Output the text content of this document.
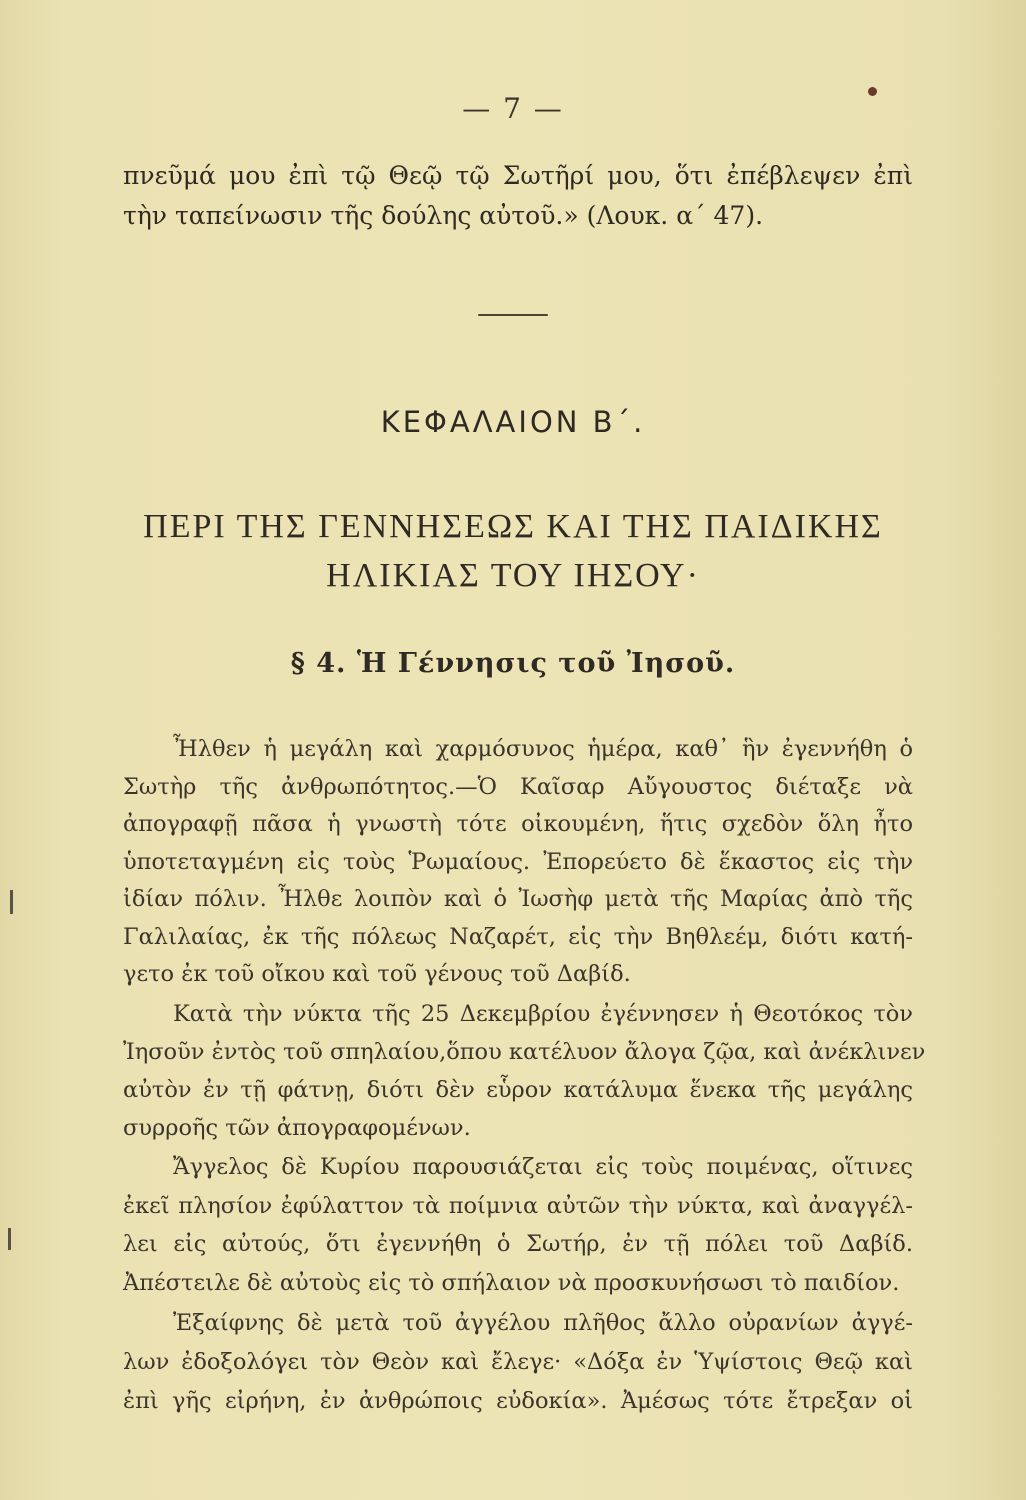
— 7 —
πνεῦμά μου ἐπὶ τῷ Θεῷ τῷ Σωτῆρί μου, ὅτι ἐπέβλεψεν ἐπὶ
τὴν ταπείνωσιν τῆς δούλης αὐτοῦ.» (Λουκ. α΄ 47).
ΚΕΦΑΛΑΙΟΝ Β΄.
ΠΕΡΙ ΤΗΣ ΓΕΝΝΗΣΕΩΣ ΚΑΙ ΤΗΣ ΠΑΙΔΙΚΗΣ
ΗΛΙΚΙΑΣ ΤΟΥ ΙΗΣΟΥ·
§ 4. Ἡ Γέννησις τοῦ Ἰησοῦ.
Ἦλθεν ἡ μεγάλη καὶ χαρμόσυνος ἡμέρα, καθ᾽ ἣν ἐγεννήθη ὁ
Σωτὴρ τῆς ἀνθρωπότητος.—Ὁ Καῖσαρ Αὔγουστος διέταξε νὰ
ἀπογραφῇ πᾶσα ἡ γνωστὴ τότε οἰκουμένη, ἥτις σχεδὸν ὅλη ἦτο
ὑποτεταγμένη εἰς τοὺς Ῥωμαίους. Ἐπορεύετο δὲ ἕκαστος εἰς τὴν
ἰδίαν πόλιν. Ἦλθε λοιπὸν καὶ ὁ Ἰωσὴφ μετὰ τῆς Μαρίας ἀπὸ τῆς
Γαλιλαίας, ἐκ τῆς πόλεως Ναζαρέτ, εἰς τὴν Βηθλεέμ, διότι κατή-
γετο ἐκ τοῦ οἴκου καὶ τοῦ γένους τοῦ Δαβίδ.
Κατὰ τὴν νύκτα τῆς 25 Δεκεμβρίου ἐγέννησεν ἡ Θεοτόκος τὸν
Ἰησοῦν ἐντὸς τοῦ σπηλαίου,ὅπου κατέλυον ἄλογα ζῷα, καὶ ἀνέκλινεν
αὐτὸν ἐν τῇ φάτνῃ, διότι δὲν εὗρον κατάλυμα ἕνεκα τῆς μεγάλης
συρροῆς τῶν ἀπογραφομένων.
Ἄγγελος δὲ Κυρίου παρουσιάζεται εἰς τοὺς ποιμένας, οἵτινες
ἐκεῖ πλησίον ἐφύλαττον τὰ ποίμνια αὐτῶν τὴν νύκτα, καὶ ἀναγγέλ-
λει εἰς αὐτούς, ὅτι ἐγεννήθη ὁ Σωτήρ, ἐν τῇ πόλει τοῦ Δαβίδ.
Ἀπέστειλε δὲ αὐτοὺς εἰς τὸ σπήλαιον νὰ προσκυνήσωσι τὸ παιδίον.
Ἐξαίφνης δὲ μετὰ τοῦ ἀγγέλου πλῆθος ἄλλο οὐρανίων ἀγγέ-
λων ἐδοξολόγει τὸν Θεὸν καὶ ἔλεγε· «Δόξα ἐν Ὑψίστοις Θεῷ καὶ
ἐπὶ γῆς εἰρήνη, ἐν ἀνθρώποις εὐδοκία». Ἀμέσως τότε ἔτρεξαν οἱ
